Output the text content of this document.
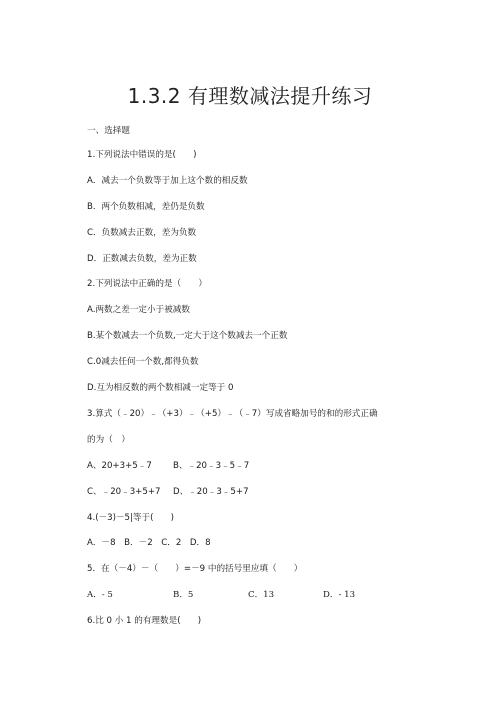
1.3.2 有理数减法提升练习
一、选择题
1.下列说法中错误的是(　　)
A．减去一个负数等于加上这个数的相反数
B．两个负数相减，差仍是负数
C．负数减去正数，差为负数
D．正数减去负数，差为正数
2.下列说法中正确的是（　　）
A.两数之差一定小于被减数
B.某个数减去一个负数,一定大于这个数减去一个正数
C.0减去任何一个数,都得负数
D.互为相反数的两个数相减一定等于 0
3.算式（﹣20）﹣（+3）﹣（+5）﹣（﹣7）写成省略加号的和的形式正确
的为（　）
A、20+3+5﹣7 B、﹣20﹣3﹣5﹣7
C、﹣20﹣3+5+7 D、﹣20﹣3﹣5+7
4.(－3)－5|等于(　　)
A．－8　B．－2　C．2　D．8
5．在（－4）－（　　）=－9 中的括号里应填（　　）
A．- 5	B．5	C．13	D．- 13
6.比 0 小 1 的有理数是(　　)
